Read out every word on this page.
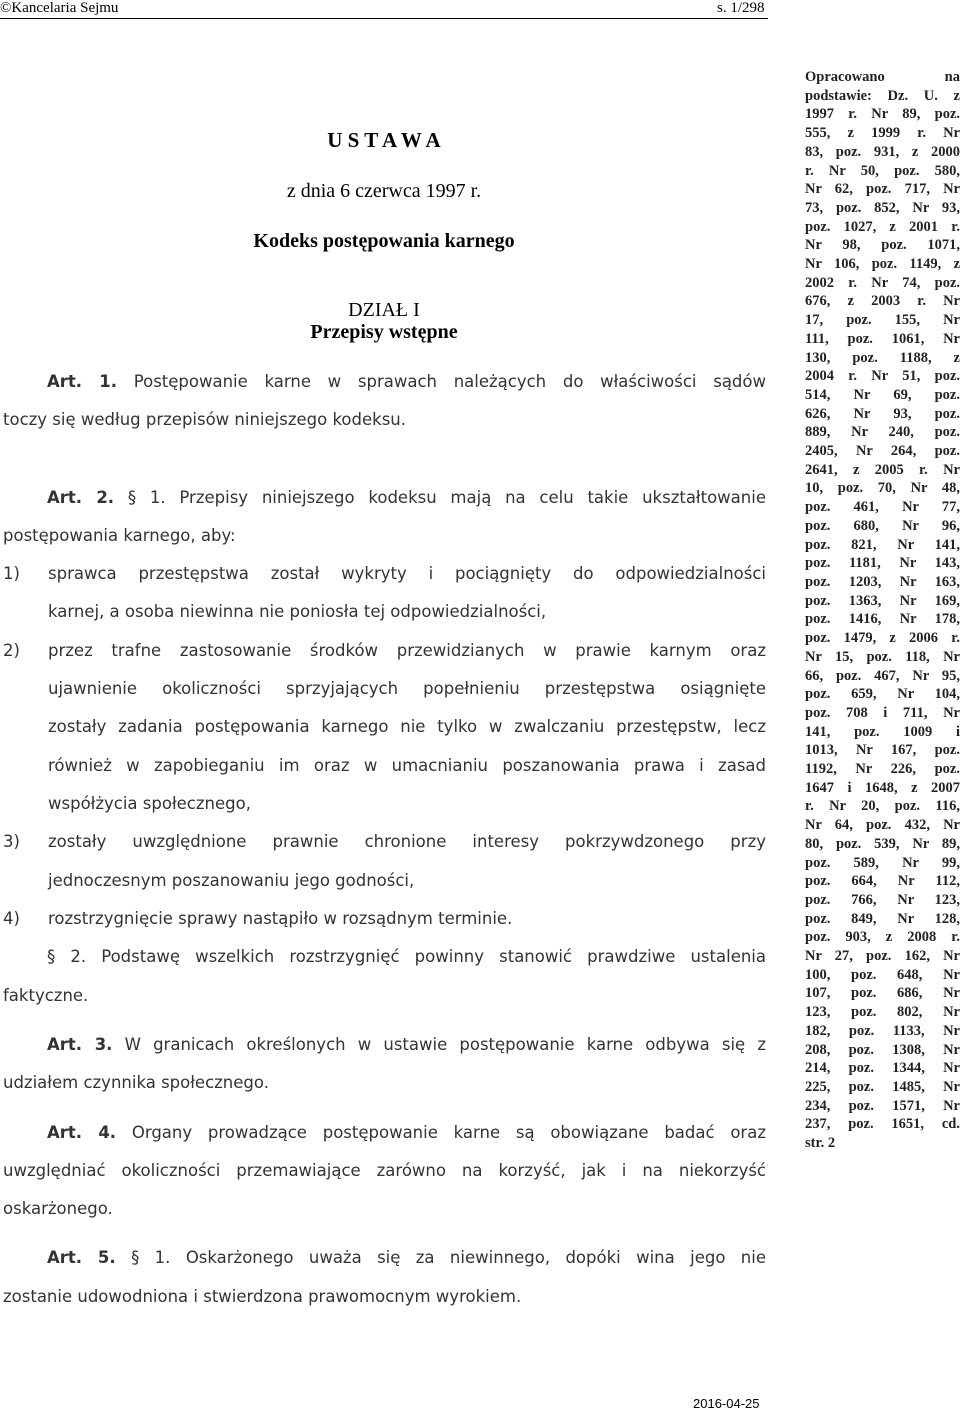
©Kancelaria Sejmu	s. 1/298
U S T A W A
z dnia 6 czerwca 1997 r.
Kodeks postępowania karnego
DZIAŁ I
Przepisy wstępne
Art. 1. Postępowanie karne w sprawach należących do właściwości sądów
toczy się według przepisów niniejszego kodeksu.
Art. 2. § 1. Przepisy niniejszego kodeksu mają na celu takie ukształtowanie
postępowania karnego, aby:
1) sprawca przestępstwa został wykryty i pociągnięty do odpowiedzialności
karnej, a osoba niewinna nie poniosła tej odpowiedzialności,
2) przez trafne zastosowanie środków przewidzianych w prawie karnym oraz
ujawnienie okoliczności sprzyjających popełnieniu przestępstwa osiągnięte
zostały zadania postępowania karnego nie tylko w zwalczaniu przestępstw, lecz
również w zapobieganiu im oraz w umacnianiu poszanowania prawa i zasad
współżycia społecznego,
3) zostały uwzględnione prawnie chronione interesy pokrzywdzonego przy
jednoczesnym poszanowaniu jego godności,
4) rozstrzygnięcie sprawy nastąpiło w rozsądnym terminie.
§ 2. Podstawę wszelkich rozstrzygnięć powinny stanowić prawdziwe ustalenia
faktyczne.
Art. 3. W granicach określonych w ustawie postępowanie karne odbywa się z
udziałem czynnika społecznego.
Art. 4. Organy prowadzące postępowanie karne są obowiązane badać oraz
uwzględniać okoliczności przemawiające zarówno na korzyść, jak i na niekorzyść
oskarżonego.
Art. 5. § 1. Oskarżonego uważa się za niewinnego, dopóki wina jego nie
zostanie udowodniona i stwierdzona prawomocnym wyrokiem.
Opracowano na
podstawie: Dz. U. z
1997 r. Nr 89, poz.
555, z 1999 r. Nr
83, poz. 931, z 2000
r. Nr 50, poz. 580,
Nr 62, poz. 717, Nr
73, poz. 852, Nr 93,
poz. 1027, z 2001 r.
Nr 98, poz. 1071,
Nr 106, poz. 1149, z
2002 r. Nr 74, poz.
676, z 2003 r. Nr
17, poz. 155, Nr
111, poz. 1061, Nr
130, poz. 1188, z
2004 r. Nr 51, poz.
514, Nr 69, poz.
626, Nr 93, poz.
889, Nr 240, poz.
2405, Nr 264, poz.
2641, z 2005 r. Nr
10, poz. 70, Nr 48,
poz. 461, Nr 77,
poz. 680, Nr 96,
poz. 821, Nr 141,
poz. 1181, Nr 143,
poz. 1203, Nr 163,
poz. 1363, Nr 169,
poz. 1416, Nr 178,
poz. 1479, z 2006 r.
Nr 15, poz. 118, Nr
66, poz. 467, Nr 95,
poz. 659, Nr 104,
poz. 708 i 711, Nr
141, poz. 1009 i
1013, Nr 167, poz.
1192, Nr 226, poz.
1647 i 1648, z 2007
r. Nr 20, poz. 116,
Nr 64, poz. 432, Nr
80, poz. 539, Nr 89,
poz. 589, Nr 99,
poz. 664, Nr 112,
poz. 766, Nr 123,
poz. 849, Nr 128,
poz. 903, z 2008 r.
Nr 27, poz. 162, Nr
100, poz. 648, Nr
107, poz. 686, Nr
123, poz. 802, Nr
182, poz. 1133, Nr
208, poz. 1308, Nr
214, poz. 1344, Nr
225, poz. 1485, Nr
234, poz. 1571, Nr
237, poz. 1651, cd.
str. 2
2016-04-25
